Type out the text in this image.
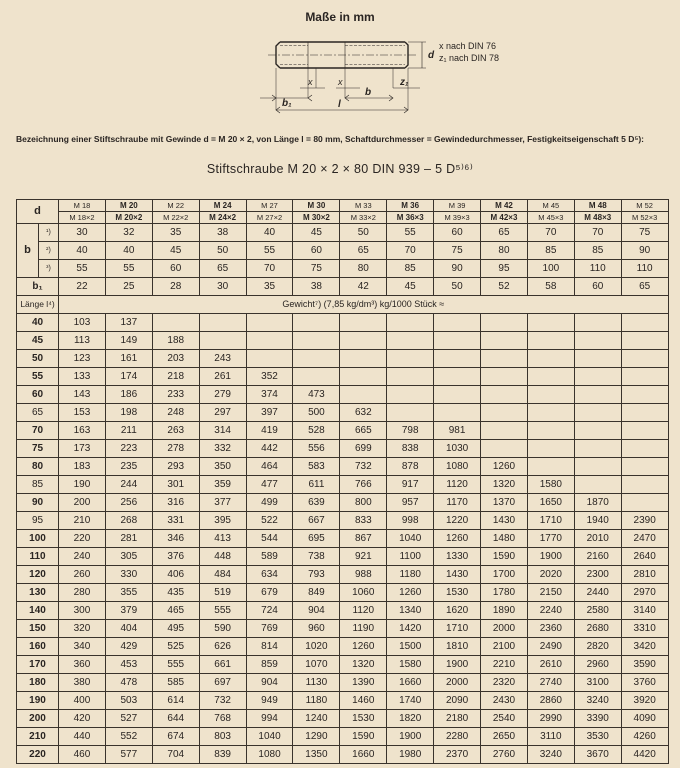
Maße in mm
b₁
x	x
b
z₁
d
l
x nach DIN 76
z₁ nach DIN 78
Bezeichnung einer Stiftschraube mit Gewinde d = M 20 × 2, von Länge l = 80 mm, Schaftdurchmesser = Gewindedurchmesser, Festigkeitseigenschaft 5 D⁵):
Stiftschraube M 20 × 2 × 80 DIN 939 – 5 D⁵⁾⁶⁾
d		M 18	M 20	M 22	M 24	M 27	M 30	M 33	M 36	M 39	M 42	M 45	M 48	M 52
		M 18×2	M 20×2	M 22×2	M 24×2	M 27×2	M 30×2	M 33×2	M 36×3	M 39×3	M 42×3	M 45×3	M 48×3	M 52×3
b	¹)	30	32	35	38	40	45	50	55	60	65	70	70	75
	²)	40	40	45	50	55	60	65	70	75	80	85	85	90
	³)	55	55	60	65	70	75	80	85	90	95	100	110	110
b₁		22	25	28	30	35	38	42	45	50	52	58	60	65
Länge l⁴)		Gewicht⁷) (7,85 kg/dm³) kg/1000 Stück ≈												
40		103	137											
45		113	149	188										
50		123	161	203	243									
55		133	174	218	261	352								
60		143	186	233	279	374	473							
65		153	198	248	297	397	500	632						
70		163	211	263	314	419	528	665	798	981				
75		173	223	278	332	442	556	699	838	1030				
80		183	235	293	350	464	583	732	878	1080	1260			
85		190	244	301	359	477	611	766	917	1120	1320	1580		
90		200	256	316	377	499	639	800	957	1170	1370	1650	1870	
95		210	268	331	395	522	667	833	998	1220	1430	1710	1940	2390
100		220	281	346	413	544	695	867	1040	1260	1480	1770	2010	2470
110		240	305	376	448	589	738	921	1100	1330	1590	1900	2160	2640
120		260	330	406	484	634	793	988	1180	1430	1700	2020	2300	2810
130		280	355	435	519	679	849	1060	1260	1530	1780	2150	2440	2970
140		300	379	465	555	724	904	1120	1340	1620	1890	2240	2580	3140
150		320	404	495	590	769	960	1190	1420	1710	2000	2360	2680	3310
160		340	429	525	626	814	1020	1260	1500	1810	2100	2490	2820	3420
170		360	453	555	661	859	1070	1320	1580	1900	2210	2610	2960	3590
180		380	478	585	697	904	1130	1390	1660	2000	2320	2740	3100	3760
190		400	503	614	732	949	1180	1460	1740	2090	2430	2860	3240	3920
200		420	527	644	768	994	1240	1530	1820	2180	2540	2990	3390	4090
210		440	552	674	803	1040	1290	1590	1900	2280	2650	3110	3530	4260
220		460	577	704	839	1080	1350	1660	1980	2370	2760	3240	3670	4420
